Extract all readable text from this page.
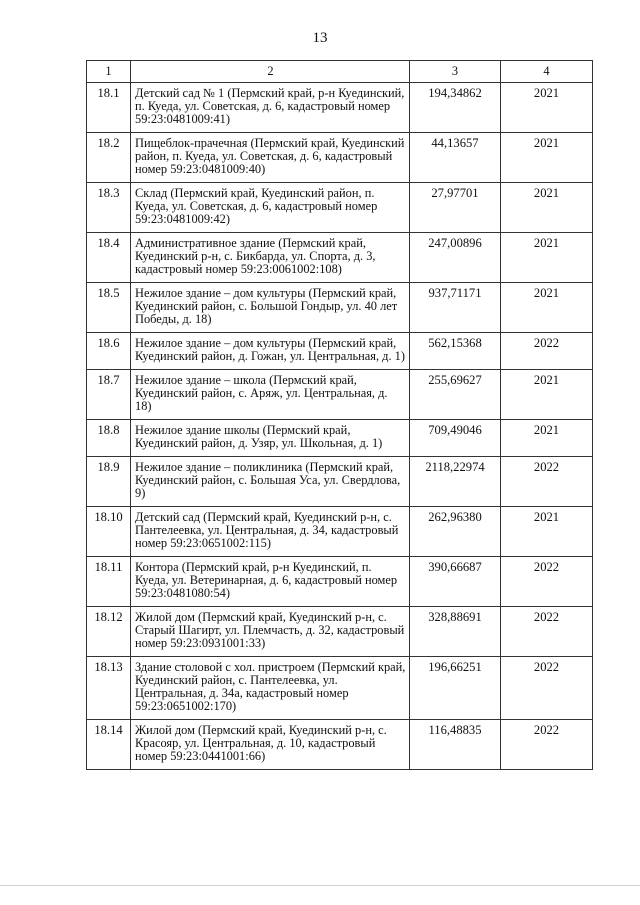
13
1	2	3	4
18.1	Детский сад № 1 (Пермский край, р-н Куединский, п. Куеда, ул. Советская, д. 6, кадастровый номер 59:23:0481009:41)	194,34862	2021
18.2	Пищеблок-прачечная (Пермский край, Куединский район, п. Куеда, ул. Советская, д. 6, кадастровый номер 59:23:0481009:40)	44,13657	2021
18.3	Склад (Пермский край, Куединский район, п. Куеда, ул. Советская, д. 6, кадастровый номер 59:23:0481009:42)	27,97701	2021
18.4	Административное здание (Пермский край, Куединский р-н, с. Бикбарда, ул. Спорта, д. 3, кадастровый номер 59:23:0061002:108)	247,00896	2021
18.5	Нежилое здание – дом культуры (Пермский край, Куединский район, с. Большой Гондыр, ул. 40 лет Победы, д. 18)	937,71171	2021
18.6	Нежилое здание – дом культуры (Пермский край, Куединский район, д. Гожан, ул. Центральная, д. 1)	562,15368	2022
18.7	Нежилое здание – школа (Пермский край, Куединский район, с. Аряж, ул. Центральная, д. 18)	255,69627	2021
18.8	Нежилое здание школы (Пермский край, Куединский район, д. Узяр, ул. Школьная, д. 1)	709,49046	2021
18.9	Нежилое здание – поликлиника (Пермский край, Куединский район, с. Большая Уса, ул. Свердлова, 9)	2118,22974	2022
18.10	Детский сад (Пермский край, Куединский р-н, с. Пантелеевка, ул. Центральная, д. 34, кадастровый номер 59:23:0651002:115)	262,96380	2021
18.11	Контора (Пермский край, р-н Куединский, п. Куеда, ул. Ветеринарная, д. 6, кадастровый номер 59:23:0481080:54)	390,66687	2022
18.12	Жилой дом (Пермский край, Куединский р-н, с. Старый Шагирт, ул. Племчасть, д. 32, кадастровый номер 59:23:0931001:33)	328,88691	2022
18.13	Здание столовой с хол. пристроем (Пермский край, Куединский район, с. Пантелеевка, ул. Центральная, д. 34а, кадастровый номер 59:23:0651002:170)	196,66251	2022
18.14	Жилой дом (Пермский край, Куединский р-н, с. Красояр, ул. Центральная, д. 10, кадастровый номер 59:23:0441001:66)	116,48835	2022
